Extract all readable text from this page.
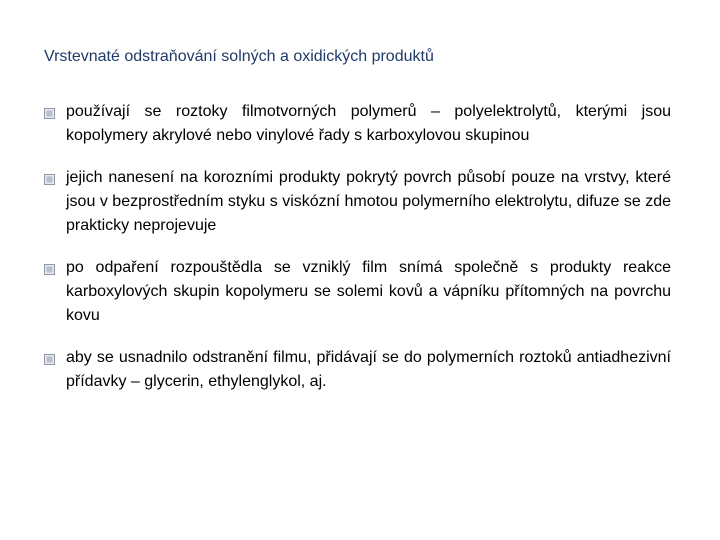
Vrstevnaté odstraňování solných a oxidických produktů
používají se roztoky filmotvorných polymerů – polyelektrolytů, kterými jsou kopolymery akrylové nebo vinylové řady s karboxylovou skupinou
jejich nanesení na korozními produkty pokrytý povrch působí pouze na vrstvy, které jsou v bezprostředním styku s viskózní hmotou polymerního elektrolytu, difuze se zde prakticky neprojevuje
po odpaření rozpouštědla se vzniklý film snímá společně s produkty reakce karboxylových skupin kopolymeru se solemi kovů a vápníku přítomných na povrchu kovu
aby se usnadnilo odstranění filmu, přidávají se do polymerních roztoků antiadhezivní přídavky – glycerin, ethylenglykol, aj.
